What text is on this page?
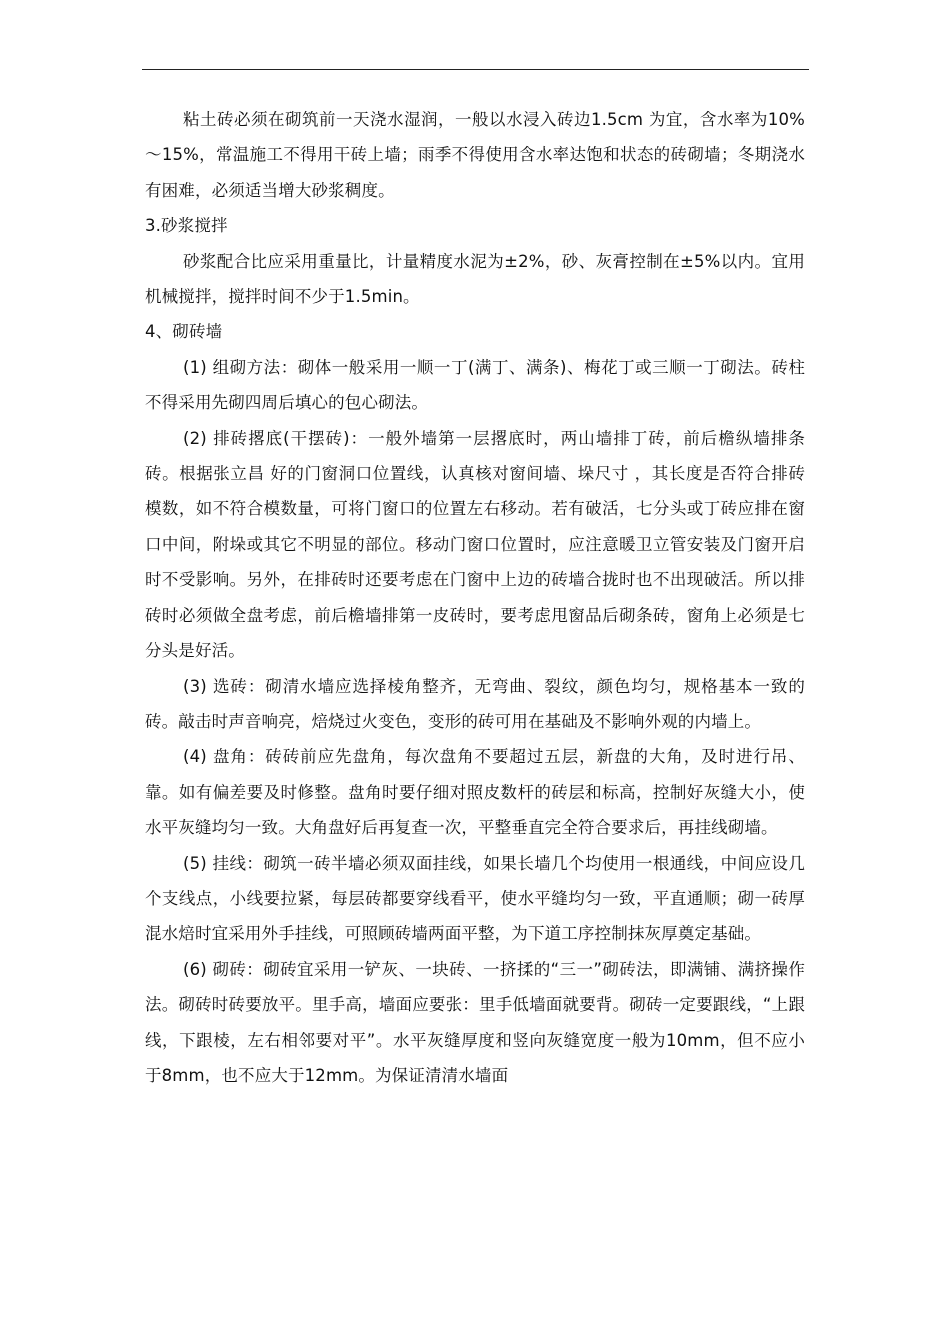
粘土砖必须在砌筑前一天浇水湿润，一般以水浸入砖边1.5cm 为宜，含水率为10%～15%，常温施工不得用干砖上墙；雨季不得使用含水率达饱和状态的砖砌墙；冬期浇水有困难，必须适当增大砂浆稠度。

3.砂浆搅拌

砂浆配合比应采用重量比，计量精度水泥为±2%，砂、灰膏控制在±5%以内。宜用机械搅拌，搅拌时间不少于1.5min。

4、砌砖墙

(1) 组砌方法：砌体一般采用一顺一丁(满丁、满条)、梅花丁或三顺一丁砌法。砖柱不得采用先砌四周后填心的包心砌法。

(2) 排砖撂底(干摆砖)：一般外墙第一层撂底时，两山墙排丁砖，前后檐纵墙排条砖。根据张立昌 好的门窗洞口位置线，认真核对窗间墙、垛尺寸 ，其长度是否符合排砖模数，如不符合模数量，可将门窗口的位置左右移动。若有破活，七分头或丁砖应排在窗口中间，附垛或其它不明显的部位。移动门窗口位置时，应注意暖卫立管安装及门窗开启时不受影响。另外，在排砖时还要考虑在门窗中上边的砖墙合拢时也不出现破活。所以排砖时必须做全盘考虑，前后檐墙排第一皮砖时，要考虑甩窗品后砌条砖，窗角上必须是七分头是好活。

(3) 选砖：砌清水墙应选择棱角整齐，无弯曲、裂纹，颜色均匀，规格基本一致的砖。敲击时声音响亮，焙烧过火变色，变形的砖可用在基础及不影响外观的内墙上。

(4) 盘角：砖砖前应先盘角，每次盘角不要超过五层，新盘的大角，及时进行吊、靠。如有偏差要及时修整。盘角时要仔细对照皮数杆的砖层和标高，控制好灰缝大小，使水平灰缝均匀一致。大角盘好后再复查一次，平整垂直完全符合要求后，再挂线砌墙。

(5) 挂线：砌筑一砖半墙必须双面挂线，如果长墙几个均使用一根通线，中间应设几个支线点，小线要拉紧，每层砖都要穿线看平，使水平缝均匀一致，平直通顺；砌一砖厚混水焙时宜采用外手挂线，可照顾砖墙两面平整，为下道工序控制抹灰厚奠定基础。

(6) 砌砖：砌砖宜采用一铲灰、一块砖、一挤揉的“三一”砌砖法，即满铺、满挤操作法。砌砖时砖要放平。里手高，墙面应要张：里手低墙面就要背。砌砖一定要跟线，“上跟线，下跟棱，左右相邻要对平”。水平灰缝厚度和竖向灰缝宽度一般为10mm，但不应小于8mm，也不应大于12mm。为保证清清水墙面
